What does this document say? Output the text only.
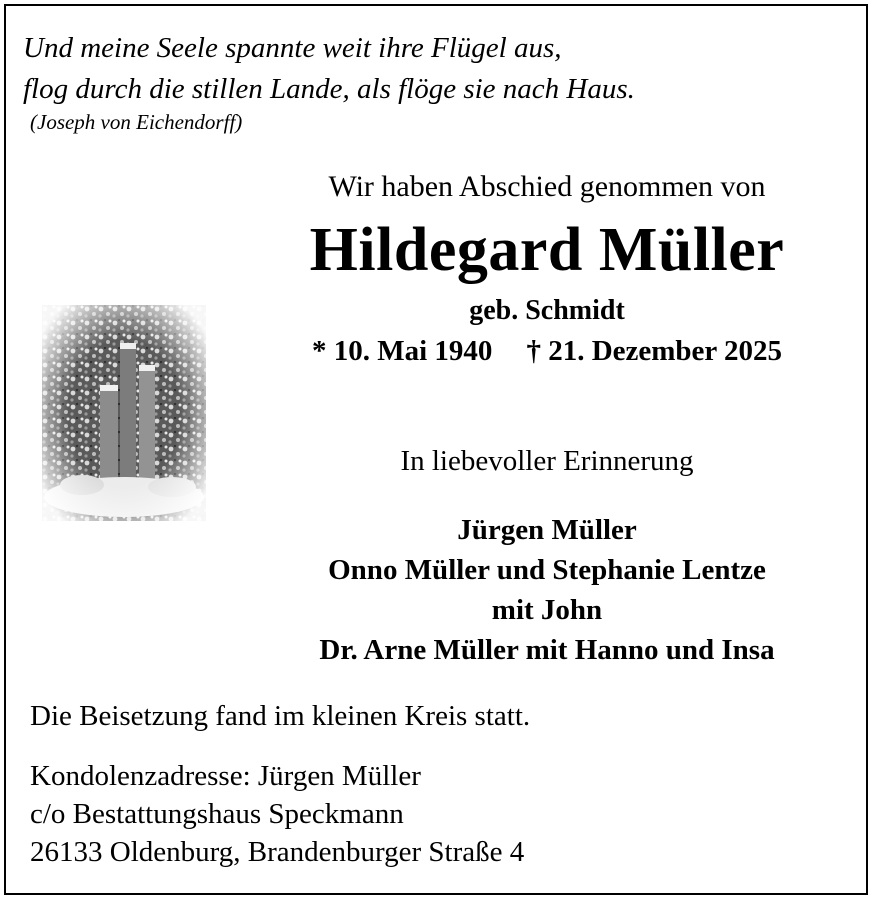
Und meine Seele spannte weit ihre Flügel aus,
flog durch die stillen Lande, als flöge sie nach Haus.
(Joseph von Eichendorff)
Wir haben Abschied genommen von
Hildegard Müller
geb. Schmidt
* 10. Mai 1940 † 21. Dezember 2025
In liebevoller Erinnerung
Jürgen Müller
Onno Müller und Stephanie Lentze
mit John
Dr. Arne Müller mit Hanno und Insa
Die Beisetzung fand im kleinen Kreis statt.
Kondolenzadresse: Jürgen Müller
c/o Bestattungshaus Speckmann
26133 Oldenburg, Brandenburger Straße 4
